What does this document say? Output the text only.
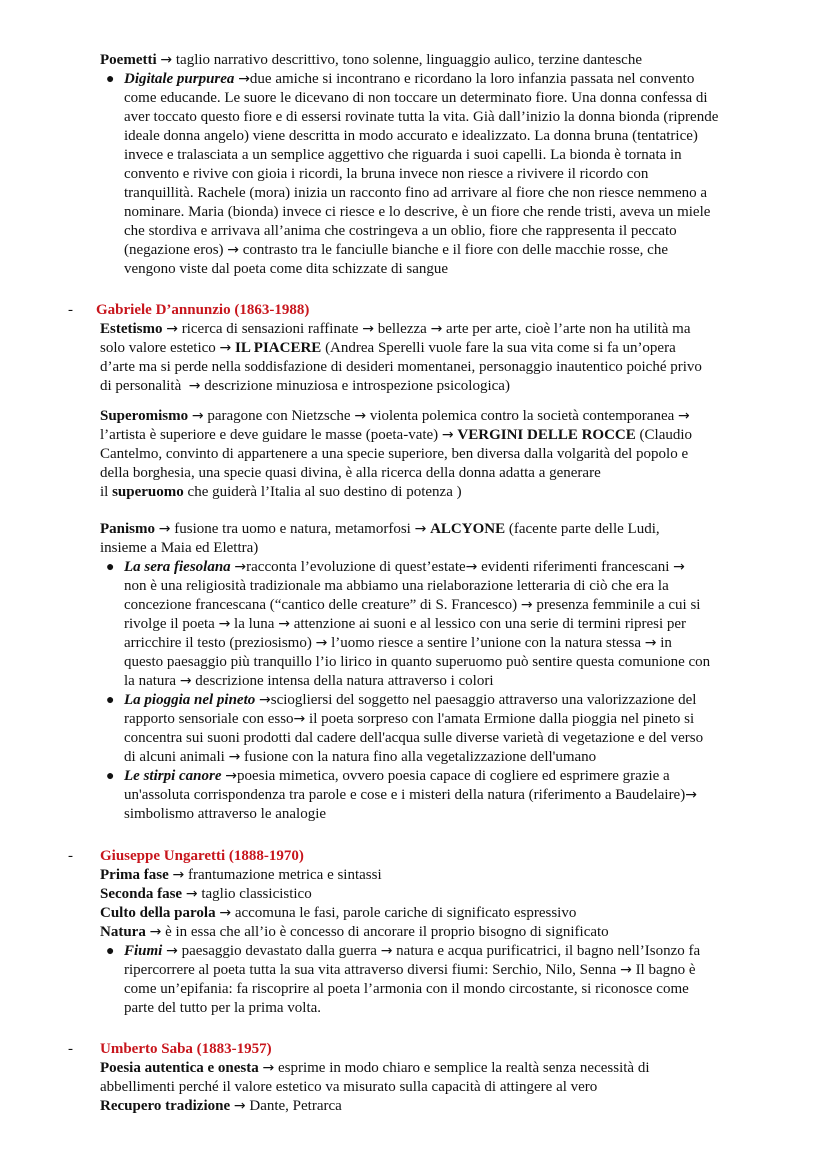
Poemetti → taglio narrativo descrittivo, tono solenne, linguaggio aulico, terzine dantesche
● Digitale purpurea →due amiche si incontrano e ricordano la loro infanzia passata nel convento
come educande. Le suore le dicevano di non toccare un determinato fiore. Una donna confessa di
aver toccato questo fiore e di essersi rovinate tutta la vita. Già dall’inizio la donna bionda (riprende
ideale donna angelo) viene descritta in modo accurato e idealizzato. La donna bruna (tentatrice)
invece e tralasciata a un semplice aggettivo che riguarda i suoi capelli. La bionda è tornata in
convento e rivive con gioia i ricordi, la bruna invece non riesce a rivivere il ricordo con
tranquillità. Rachele (mora) inizia un racconto fino ad arrivare al fiore che non riesce nemmeno a
nominare. Maria (bionda) invece ci riesce e lo descrive, è un fiore che rende tristi, aveva un miele
che stordiva e arrivava all’anima che costringeva a un oblio, fiore che rappresenta il peccato
(negazione eros) → contrasto tra le fanciulle bianche e il fiore con delle macchie rosse, che
vengono viste dal poeta come dita schizzate di sangue
- Gabriele D’annunzio (1863-1988)
Estetismo → ricerca di sensazioni raffinate → bellezza → arte per arte, cioè l’arte non ha utilità ma
solo valore estetico → IL PIACERE (Andrea Sperelli vuole fare la sua vita come si fa un’opera
d’arte ma si perde nella soddisfazione di desideri momentanei, personaggio inautentico poiché privo
di personalità → descrizione minuziosa e introspezione psicologica)
Superomismo → paragone con Nietzsche → violenta polemica contro la società contemporanea →
l’artista è superiore e deve guidare le masse (poeta-vate) → VERGINI DELLE ROCCE (Claudio
Cantelmo, convinto di appartenere a una specie superiore, ben diversa dalla volgarità del popolo e
della borghesia, una specie quasi divina, è alla ricerca della donna adatta a generare
il superuomo che guiderà l’Italia al suo destino di potenza )
Panismo → fusione tra uomo e natura, metamorfosi → ALCYONE (facente parte delle Ludi,
insieme a Maia ed Elettra)
● La sera fiesolana →racconta l’evoluzione di quest’estate→ evidenti riferimenti francescani →
non è una religiosità tradizionale ma abbiamo una rielaborazione letteraria di ciò che era la
concezione francescana (“cantico delle creature” di S. Francesco) → presenza femminile a cui si
rivolge il poeta → la luna → attenzione ai suoni e al lessico con una serie di termini ripresi per
arricchire il testo (preziosismo) → l’uomo riesce a sentire l’unione con la natura stessa → in
questo paesaggio più tranquillo l’io lirico in quanto superuomo può sentire questa comunione con
la natura → descrizione intensa della natura attraverso i colori
● La pioggia nel pineto →sciogliersi del soggetto nel paesaggio attraverso una valorizzazione del
rapporto sensoriale con esso→ il poeta sorpreso con l'amata Ermione dalla pioggia nel pineto si
concentra sui suoni prodotti dal cadere dell'acqua sulle diverse varietà di vegetazione e del verso
di alcuni animali → fusione con la natura fino alla vegetalizzazione dell'umano
● Le stirpi canore →poesia mimetica, ovvero poesia capace di cogliere ed esprimere grazie a
un'assoluta corrispondenza tra parole e cose e i misteri della natura (riferimento a Baudelaire)→
simbolismo attraverso le analogie
- Giuseppe Ungaretti (1888-1970)
Prima fase → frantumazione metrica e sintassi
Seconda fase → taglio classicistico
Culto della parola → accomuna le fasi, parole cariche di significato espressivo
Natura → è in essa che all’io è concesso di ancorare il proprio bisogno di significato
● Fiumi → paesaggio devastato dalla guerra → natura e acqua purificatrici, il bagno nell’Isonzo fa
ripercorrere al poeta tutta la sua vita attraverso diversi fiumi: Serchio, Nilo, Senna → Il bagno è
come un’epifania: fa riscoprire al poeta l’armonia con il mondo circostante, si riconosce come
parte del tutto per la prima volta.
- Umberto Saba (1883-1957)
Poesia autentica e onesta → esprime in modo chiaro e semplice la realtà senza necessità di
abbellimenti perché il valore estetico va misurato sulla capacità di attingere al vero
Recupero tradizione → Dante, Petrarca
